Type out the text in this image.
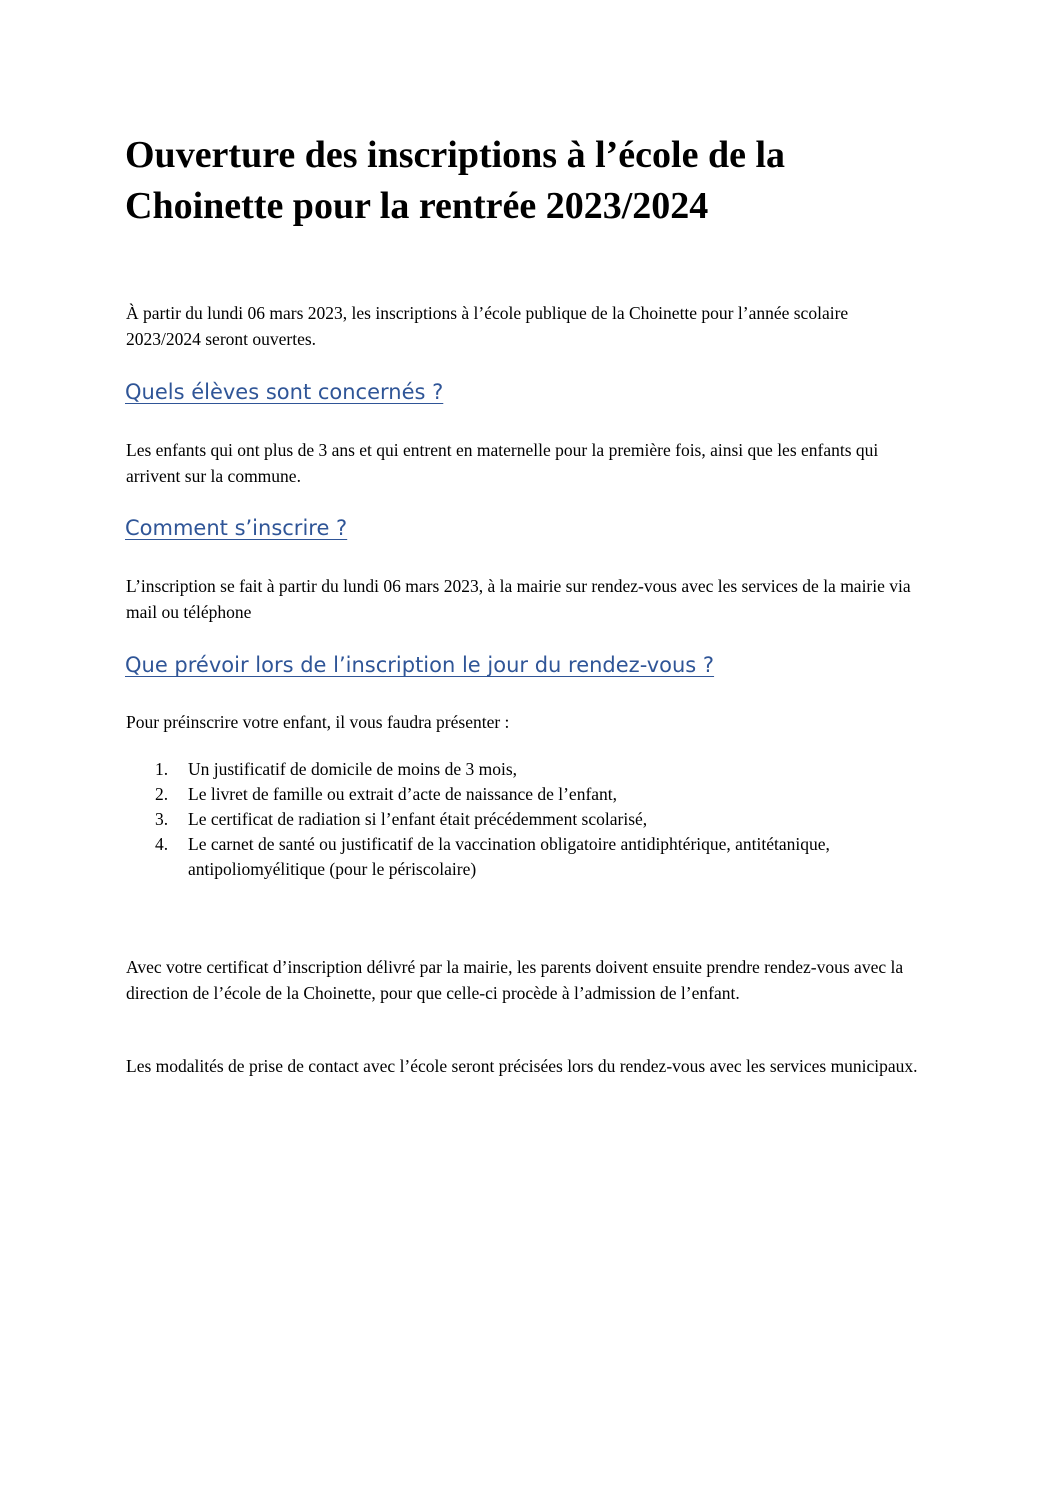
Ouverture des inscriptions à l’école de la Choinette pour la rentrée 2023/2024

À partir du lundi 06 mars 2023, les inscriptions à l’école publique de la Choinette pour l’année scolaire 2023/2024 seront ouvertes.

Quels élèves sont concernés ?

Les enfants qui ont plus de 3 ans et qui entrent en maternelle pour la première fois, ainsi que les enfants qui arrivent sur la commune.

Comment s’inscrire ?

L’inscription se fait à partir du lundi 06 mars 2023, à la mairie sur rendez-vous avec les services de la mairie via mail ou téléphone

Que prévoir lors de l’inscription le jour du rendez-vous ?

Pour préinscrire votre enfant, il vous faudra présenter :

1. Un justificatif de domicile de moins de 3 mois,
2. Le livret de famille ou extrait d’acte de naissance de l’enfant,
3. Le certificat de radiation si l’enfant était précédemment scolarisé,
4. Le carnet de santé ou justificatif de la vaccination obligatoire antidiphtérique, antitétanique, antipoliomyélitique (pour le périscolaire)

Avec votre certificat d’inscription délivré par la mairie, les parents doivent ensuite prendre rendez-vous avec la direction de l’école de la Choinette, pour que celle-ci procède à l’admission de l’enfant.

Les modalités de prise de contact avec l’école seront précisées lors du rendez-vous avec les services municipaux.
